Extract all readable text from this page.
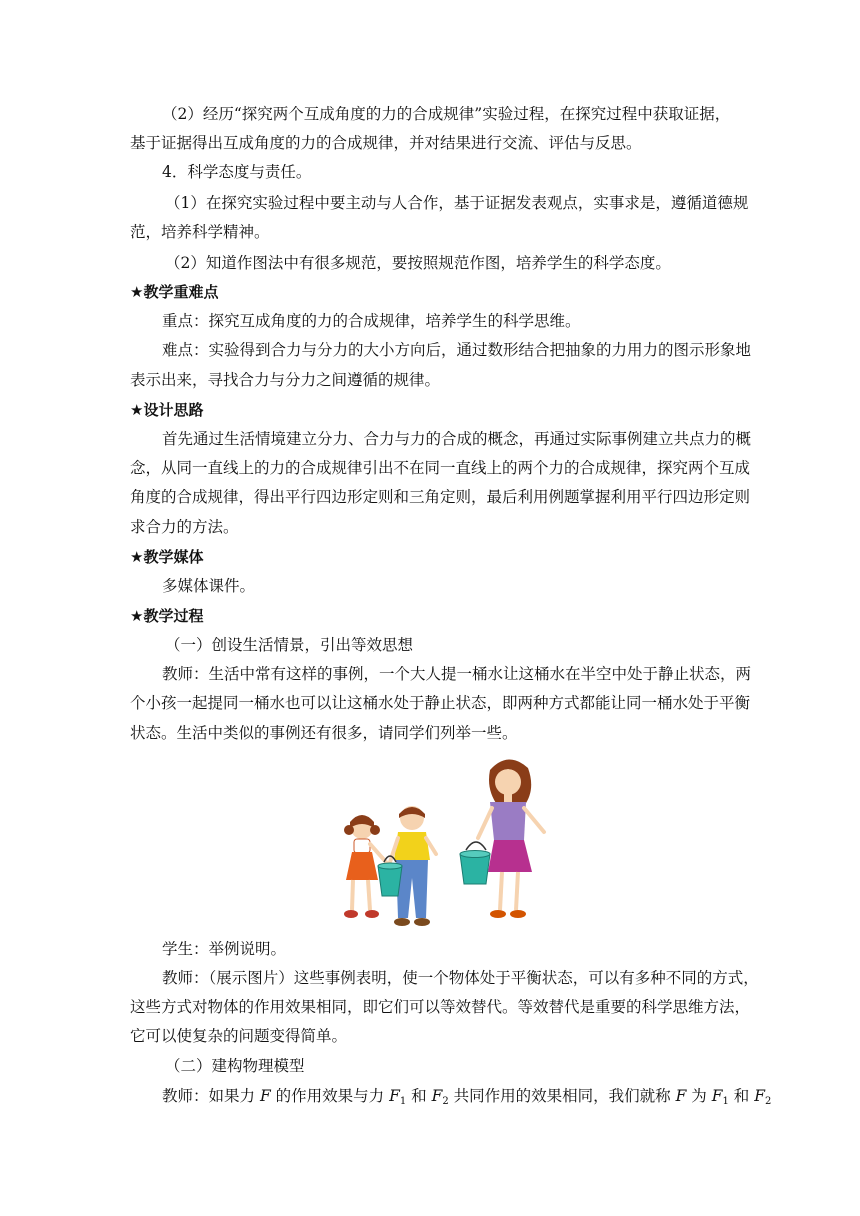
（2）经历“探究两个互成角度的力的合成规律”实验过程，在探究过程中获取证据，
基于证据得出互成角度的力的合成规律，并对结果进行交流、评估与反思。
4．科学态度与责任。
（1）在探究实验过程中要主动与人合作，基于证据发表观点，实事求是，遵循道德规
范，培养科学精神。
（2）知道作图法中有很多规范，要按照规范作图，培养学生的科学态度。
★教学重难点
重点：探究互成角度的力的合成规律，培养学生的科学思维。
难点：实验得到合力与分力的大小方向后，通过数形结合把抽象的力用力的图示形象地
表示出来，寻找合力与分力之间遵循的规律。
★设计思路
首先通过生活情境建立分力、合力与力的合成的概念，再通过实际事例建立共点力的概
念，从同一直线上的力的合成规律引出不在同一直线上的两个力的合成规律，探究两个互成
角度的合成规律，得出平行四边形定则和三角定则，最后利用例题掌握利用平行四边形定则
求合力的方法。
★教学媒体
多媒体课件。
★教学过程
（一）创设生活情景，引出等效思想
教师：生活中常有这样的事例，一个大人提一桶水让这桶水在半空中处于静止状态，两
个小孩一起提同一桶水也可以让这桶水处于静止状态，即两种方式都能让同一桶水处于平衡
状态。生活中类似的事例还有很多，请同学们列举一些。
学生：举例说明。
教师：（展示图片）这些事例表明，使一个物体处于平衡状态，可以有多种不同的方式，
这些方式对物体的作用效果相同，即它们可以等效替代。等效替代是重要的科学思维方法，
它可以使复杂的问题变得简单。
（二）建构物理模型
教师：如果力 F 的作用效果与力 $F_1$ 和 $F_2$ 共同作用的效果相同，我们就称 F 为 $F_1$ 和 $F_2$
